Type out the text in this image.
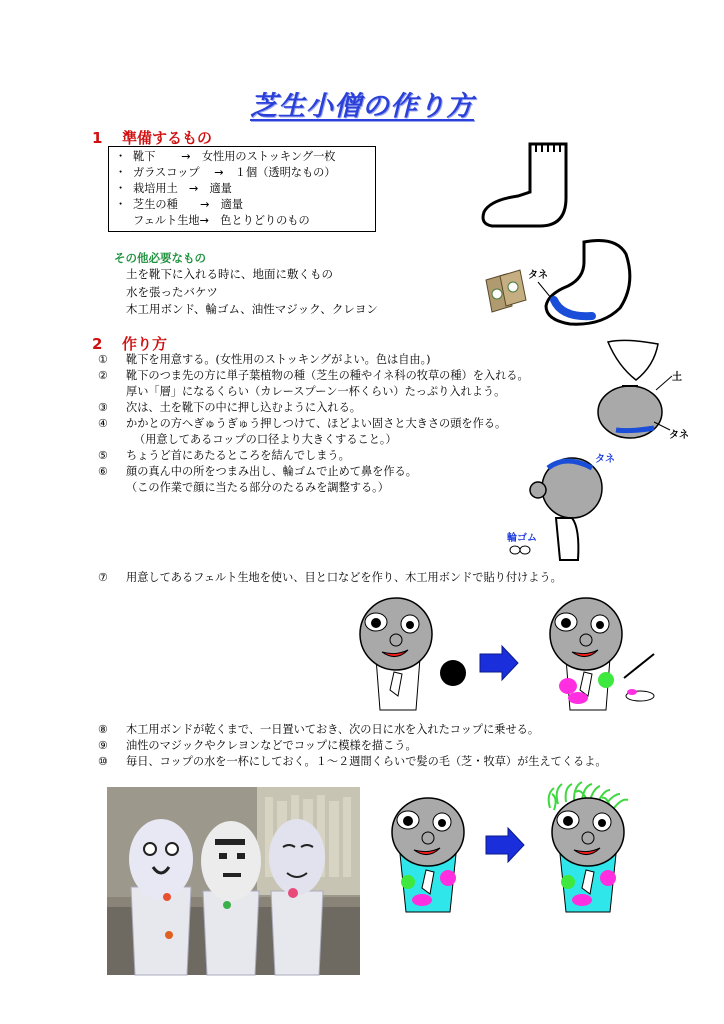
芝生小僧の作り方
1 準備するもの
・ 靴下　　 →　女性用のストッキング一枚
・ ガラスコップ　 →　１個（透明なもの）
・ 栽培用土　→　適量
・ 芝生の種　　→　適量
フェルト生地→　色とりどりのもの
その他必要なもの
土を靴下に入れる時に、地面に敷くもの
水を張ったバケツ
木工用ボンド、輪ゴム、油性マジック、クレヨン
2 作り方
① 靴下を用意する。(女性用のストッキングがよい。色は自由。)
② 靴下のつま先の方に単子葉植物の種（芝生の種やイネ科の牧草の種）を入れる。
厚い「層」になるくらい（カレースプーン一杯くらい）たっぷり入れよう。
③ 次は、土を靴下の中に押し込むように入れる。
④ かかとの方へぎゅうぎゅう押しつけて、ほどよい固さと大きさの頭を作る。
（用意してあるコップの口径より大きくすること。）
⑤ ちょうど首にあたるところを結んでしまう。
⑥ 顔の真ん中の所をつまみ出し、輪ゴムで止めて鼻を作る。
（この作業で顔に当たる部分のたるみを調整する。）
⑦ 用意してあるフェルト生地を使い、目と口などを作り、木工用ボンドで貼り付けよう。
⑧ 木工用ボンドが乾くまで、一日置いておき、次の日に水を入れたコップに乗せる。
⑨ 油性のマジックやクレヨンなどでコップに模様を描こう。
⑩ 毎日、コップの水を一杯にしておく。１～２週間くらいで髪の毛（芝・牧草）が生えてくるよ。
タネ
土
タネ
タネ
輪ゴム
